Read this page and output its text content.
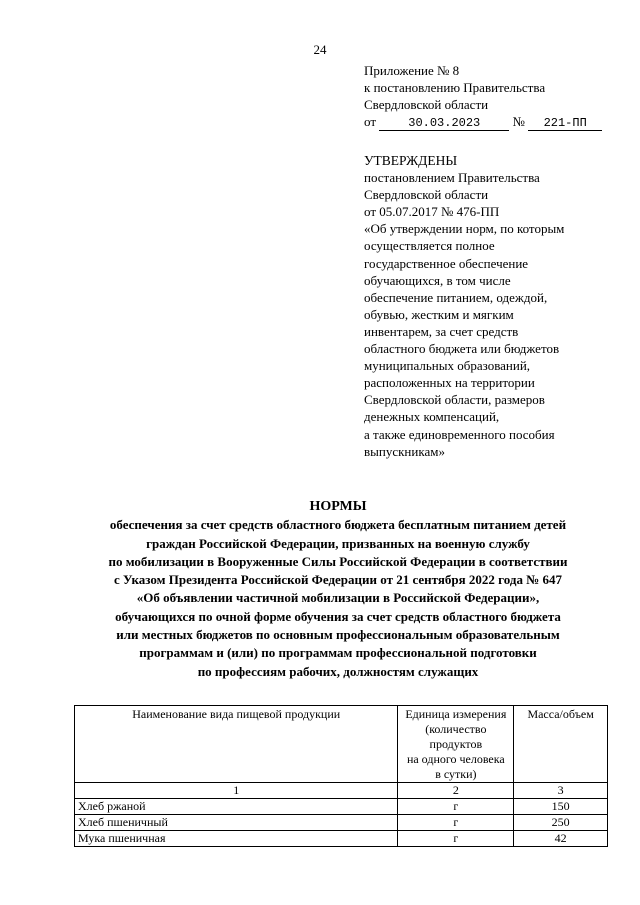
24
Приложение № 8
к постановлению Правительства
Свердловской области
от	30.03.2023 № 221-ПП
УТВЕРЖДЕНЫ
постановлением Правительства
Свердловской области
от 05.07.2017 № 476-ПП
«Об утверждении норм, по которым
осуществляется полное
государственное обеспечение
обучающихся, в том числе
обеспечение питанием, одеждой,
обувью, жестким и мягким
инвентарем, за счет средств
областного бюджета или бюджетов
муниципальных образований,
расположенных на территории
Свердловской области, размеров
денежных компенсаций,
а также единовременного пособия
выпускникам»
НОРМЫ
обеспечения за счет средств областного бюджета бесплатным питанием детей
граждан Российской Федерации, призванных на военную службу
по мобилизации в Вооруженные Силы Российской Федерации в соответствии
с Указом Президента Российской Федерации от 21 сентября 2022 года № 647
«Об объявлении частичной мобилизации в Российской Федерации»,
обучающихся по очной форме обучения за счет средств областного бюджета
или местных бюджетов по основным профессиональным образовательным
программам и (или) по программам профессиональной подготовки
по профессиям рабочих, должностям служащих
Наименование вида пищевой продукции	Единица измерения
(количество
продуктов
на одного человека
в сутки)	Масса/объем
1	2	3
Хлеб ржаной	г	150
Хлеб пшеничный	г	250
Мука пшеничная	г	42
